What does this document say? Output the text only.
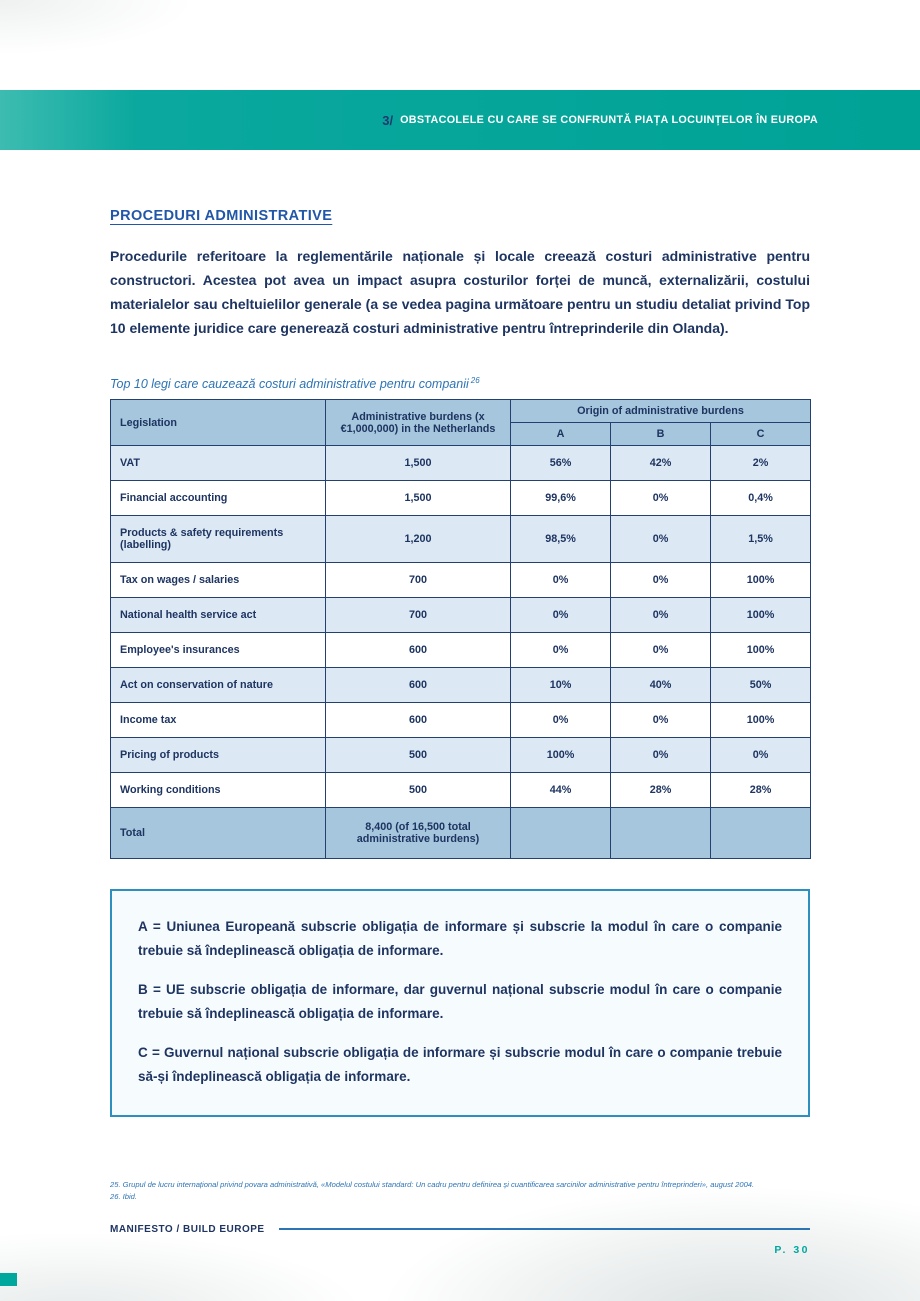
3/ OBSTACOLELE CU CARE SE CONFRUNTĂ PIAȚA LOCUINȚELOR ÎN EUROPA
PROCEDURI ADMINISTRATIVE

Procedurile referitoare la reglementările naționale și locale creează costuri administrative pentru constructori. Acestea pot avea un impact asupra costurilor forței de muncă, externalizării, costului materialelor sau cheltuielilor generale (a se vedea pagina următoare pentru un studiu detaliat privind Top 10 elemente juridice care generează costuri administrative pentru întreprinderile din Olanda).

Top 10 legi care cauzează costuri administrative pentru companii $^{26}$

Legislation	Administrative burdens (x €1,000,000) in the Netherlands	Origin of administrative burdens		
		A	B	C
VAT	1,500	56%	42%	2%
Financial accounting	1,500	99,6%	0%	0,4%
Products & safety requirements (labelling)	1,200	98,5%	0%	1,5%
Tax on wages / salaries	700	0%	0%	100%
National health service act	700	0%	0%	100%
Employee's insurances	600	0%	0%	100%
Act on conservation of nature	600	10%	40%	50%
Income tax	600	0%	0%	100%
Pricing of products	500	100%	0%	0%
Working conditions	500	44%	28%	28%
Total	8,400 (of 16,500 total administrative burdens)			

A = Uniunea Europeană subscrie obligația de informare și subscrie la modul în care o companie trebuie să îndeplinească obligația de informare.

B = UE subscrie obligația de informare, dar guvernul național subscrie modul în care o companie trebuie să îndeplinească obligația de informare.

C = Guvernul național subscrie obligația de informare și subscrie modul în care o companie trebuie să-și îndeplinească obligația de informare.

25. Grupul de lucru internațional privind povara administrativă, «Modelul costului standard: Un cadru pentru definirea și cuantificarea sarcinilor administrative pentru întreprinderi», august 2004.

26. Ibid.

MANIFESTO / BUILD EUROPE
P. 30
